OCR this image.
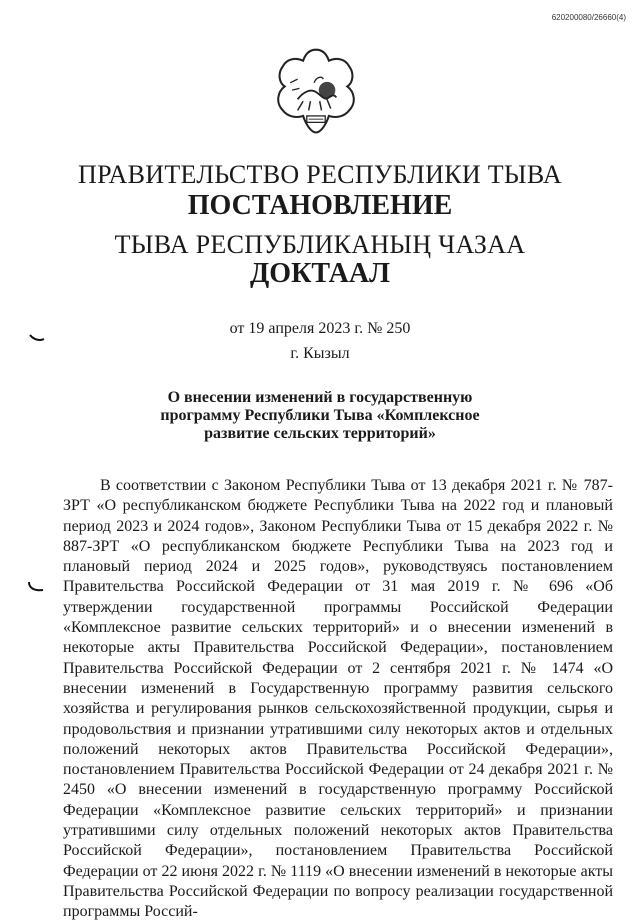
620200080/26660(4)
ПРАВИТЕЛЬСТВО РЕСПУБЛИКИ ТЫВА
ПОСТАНОВЛЕНИЕ
ТЫВА РЕСПУБЛИКАНЫҢ ЧАЗАА
ДОКТААЛ
от 19 апреля 2023 г. № 250
г. Кызыл
О внесении изменений в государственную
программу Республики Тыва «Комплексное
развитие сельских территорий»
В соответствии с Законом Республики Тыва от 13 декабря 2021 г. № 787-ЗРТ «О республиканском бюджете Республики Тыва на 2022 год и плановый период 2023 и 2024 годов», Законом Республики Тыва от 15 декабря 2022 г. № 887-ЗРТ «О республиканском бюджете Республики Тыва на 2023 год и плановый период 2024 и 2025 годов», руководствуясь постановлением Правительства Российской Федерации от 31 мая 2019 г. № 696 «Об утверждении государственной программы Российской Федерации «Комплексное развитие сельских территорий» и о внесении изменений в некоторые акты Правительства Российской Федерации», постановлением Правительства Российской Федерации от 2 сентября 2021 г. № 1474 «О внесении изменений в Государственную программу развития сельского хозяйства и регулирования рынков сельскохозяйственной продукции, сырья и продовольствия и признании утратившими силу некоторых актов и отдельных положений некоторых актов Правительства Российской Федерации», постановлением Правительства Российской Федерации от 24 декабря 2021 г. № 2450 «О внесении изменений в государственную программу Российской Федерации «Комплексное развитие сельских территорий» и признании утратившими силу отдельных положений некоторых актов Правительства Российской Федерации», постановлением Правительства Российской Федерации от 22 июня 2022 г. № 1119 «О внесении изменений в некоторые акты Правительства Российской Федерации по вопросу реализации государственной программы Россий-
